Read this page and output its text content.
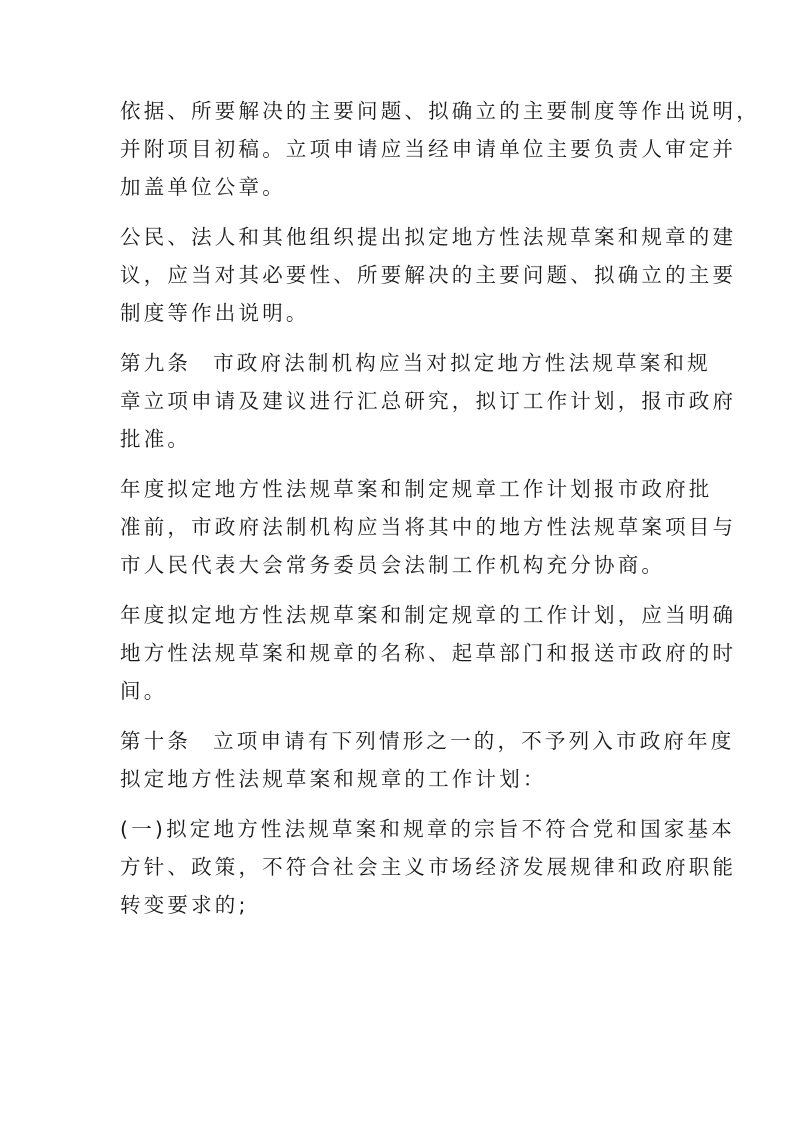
依据、所要解决的主要问题、拟确立的主要制度等作出说明，
并附项目初稿。立项申请应当经申请单位主要负责人审定并
加盖单位公章。

公民、法人和其他组织提出拟定地方性法规草案和规章的建
议，应当对其必要性、所要解决的主要问题、拟确立的主要
制度等作出说明。

第九条 市政府法制机构应当对拟定地方性法规草案和规
章立项申请及建议进行汇总研究，拟订工作计划，报市政府
批准。

年度拟定地方性法规草案和制定规章工作计划报市政府批
准前，市政府法制机构应当将其中的地方性法规草案项目与
市人民代表大会常务委员会法制工作机构充分协商。

年度拟定地方性法规草案和制定规章的工作计划，应当明确
地方性法规草案和规章的名称、起草部门和报送市政府的时
间。

第十条 立项申请有下列情形之一的，不予列入市政府年度
拟定地方性法规草案和规章的工作计划：

(一)拟定地方性法规草案和规章的宗旨不符合党和国家基本
方针、政策，不符合社会主义市场经济发展规律和政府职能
转变要求的;
